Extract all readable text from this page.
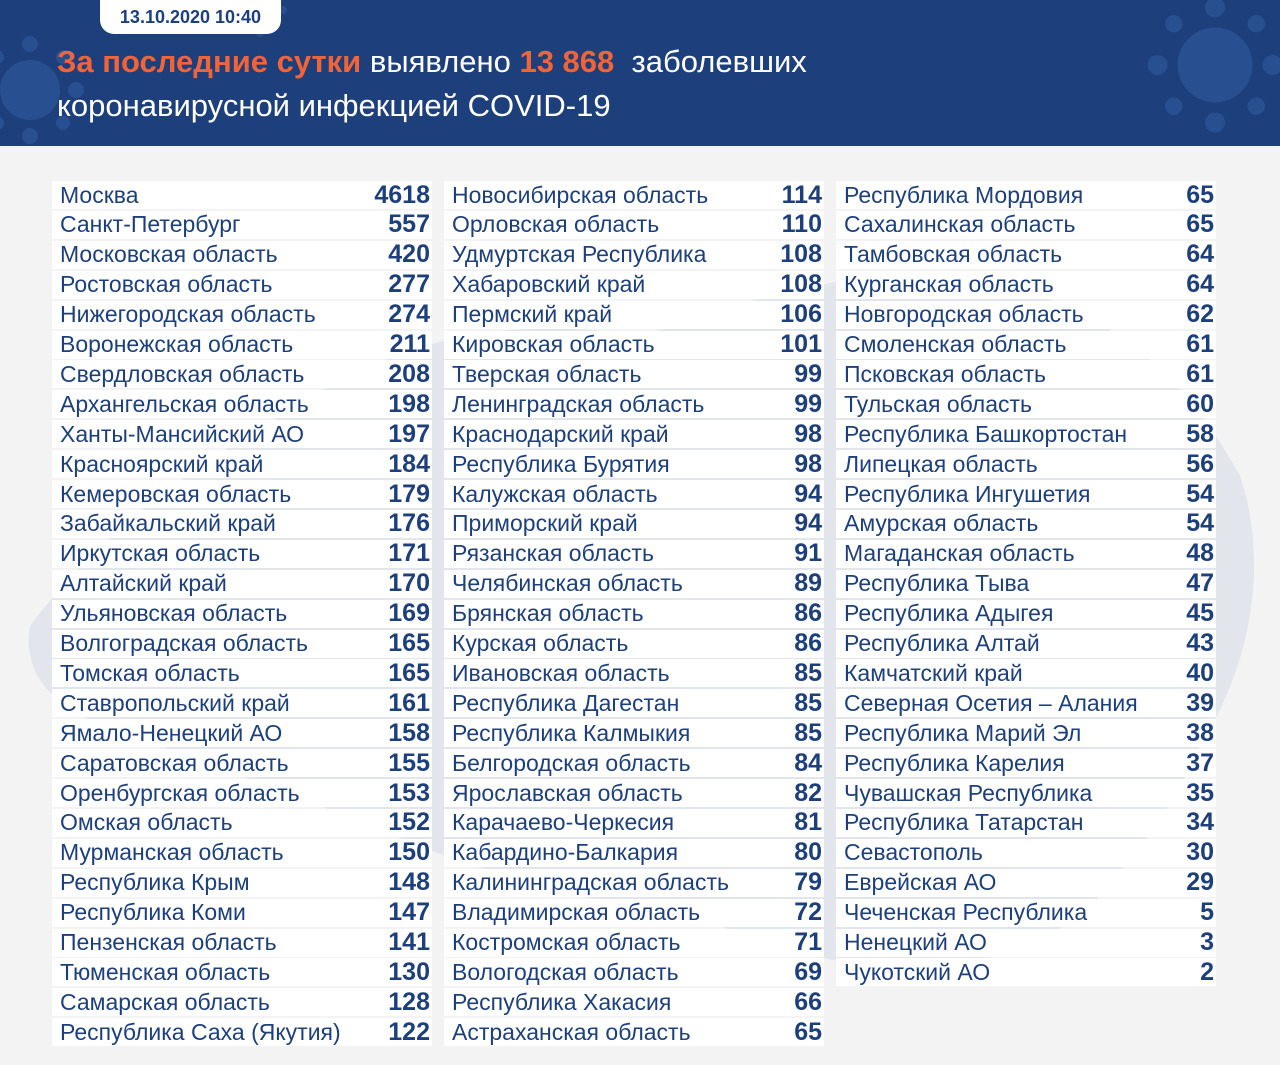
13.10.2020 10:40
За последние сутки выявлено 13 868 заболевших
коронавирусной инфекцией COVID-19
Москва	4618
Санкт-Петербург	557
Московская область	420
Ростовская область	277
Нижегородская область	274
Воронежская область	211
Свердловская область	208
Архангельская область	198
Ханты-Мансийский АО	197
Красноярский край	184
Кемеровская область	179
Забайкальский край	176
Иркутская область	171
Алтайский край	170
Ульяновская область	169
Волгоградская область	165
Томская область	165
Ставропольский край	161
Ямало-Ненецкий АО	158
Саратовская область	155
Оренбургская область	153
Омская область	152
Мурманская область	150
Республика Крым	148
Республика Коми	147
Пензенская область	141
Тюменская область	130
Самарская область	128
Республика Саха (Якутия)	122
Новосибирская область	114
Орловская область	110
Удмуртская Республика	108
Хабаровский край	108
Пермский край	106
Кировская область	101
Тверская область	99
Ленинградская область	99
Краснодарский край	98
Республика Бурятия	98
Калужская область	94
Приморский край	94
Рязанская область	91
Челябинская область	89
Брянская область	86
Курская область	86
Ивановская область	85
Республика Дагестан	85
Республика Калмыкия	85
Белгородская область	84
Ярославская область	82
Карачаево-Черкесия	81
Кабардино-Балкария	80
Калининградская область	79
Владимирская область	72
Костромская область	71
Вологодская область	69
Республика Хакасия	66
Астраханская область	65
Республика Мордовия	65
Сахалинская область	65
Тамбовская область	64
Курганская область	64
Новгородская область	62
Смоленская область	61
Псковская область	61
Тульская область	60
Республика Башкортостан	58
Липецкая область	56
Республика Ингушетия	54
Амурская область	54
Магаданская область	48
Республика Тыва	47
Республика Адыгея	45
Республика Алтай	43
Камчатский край	40
Северная Осетия – Алания	39
Республика Марий Эл	38
Республика Карелия	37
Чувашская Республика	35
Республика Татарстан	34
Севастополь	30
Еврейская АО	29
Чеченская Республика	5
Ненецкий АО	3
Чукотский АО	2
